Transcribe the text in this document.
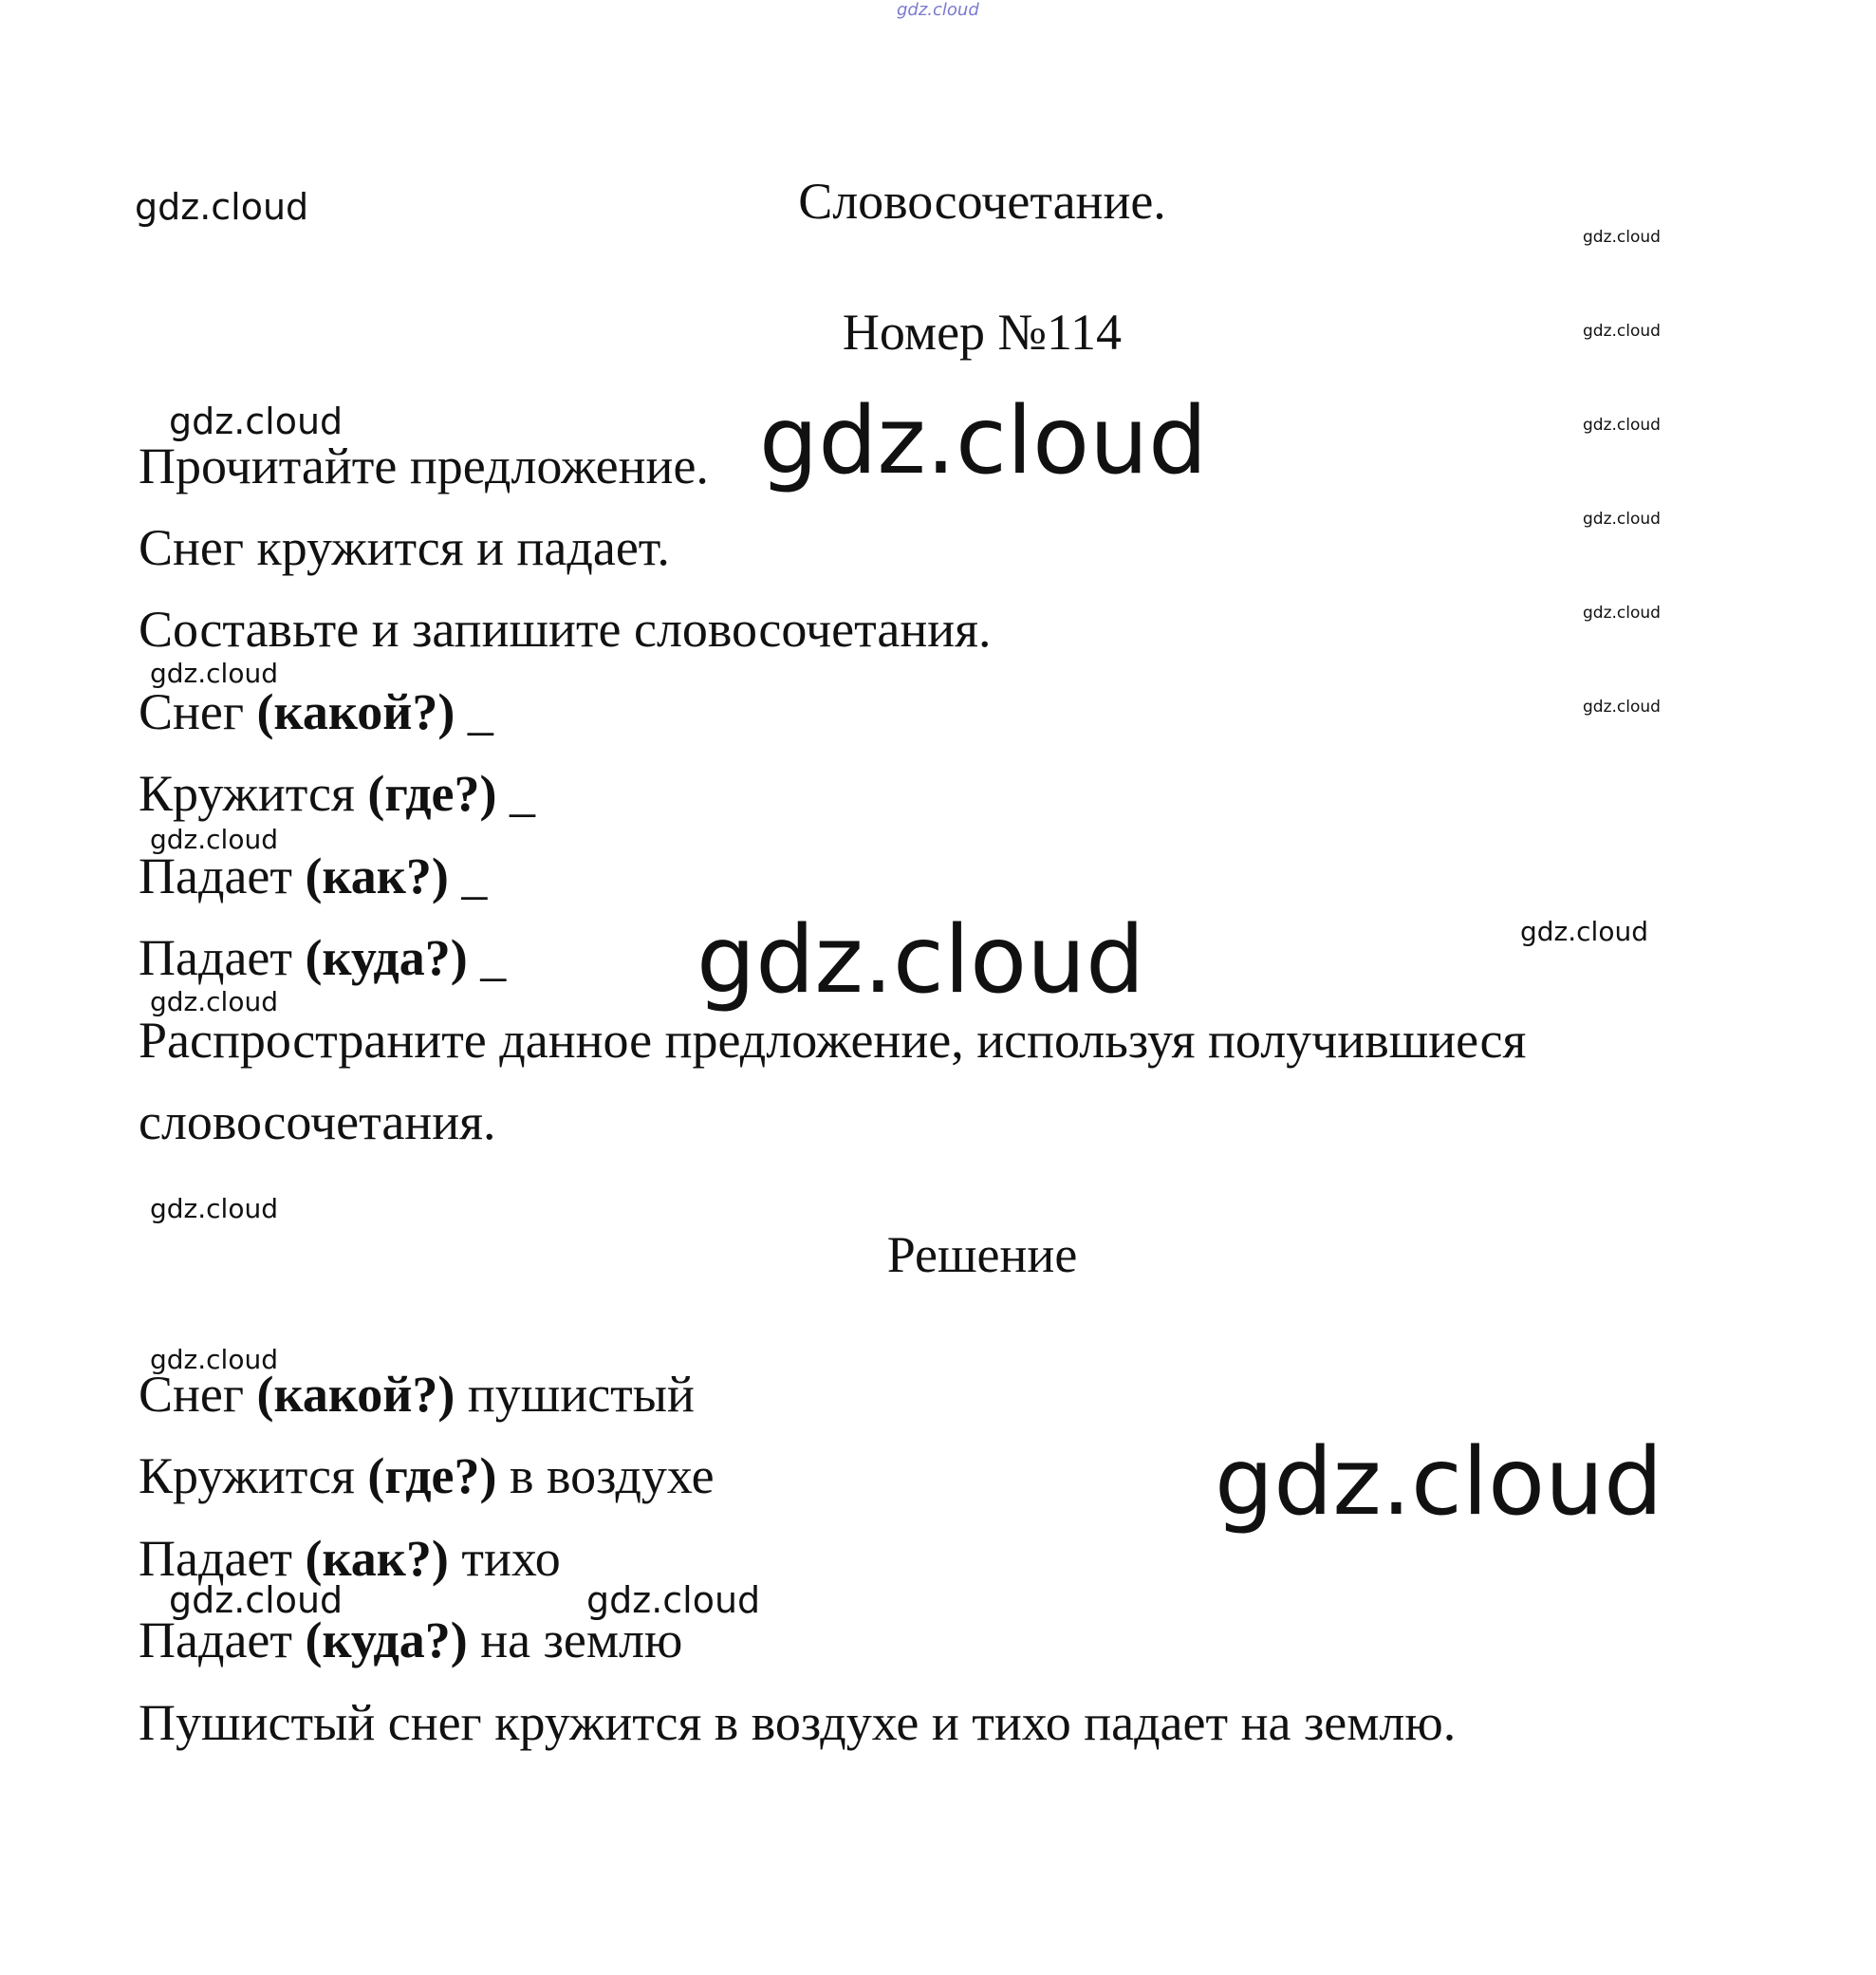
gdz.cloud
gdz.cloud
gdz.cloud
gdz.cloud
gdz.cloud
gdz.cloud
gdz.cloud
gdz.cloud
gdz.cloud	gdz.cloud
gdz.cloud
gdz.cloud
gdz.cloud
gdz.cloud
gdz.cloud
gdz.cloud
gdz.cloud
gdz.cloud
gdz.cloud	gdz.cloud
Словосочетание.
Номер №114
Прочитайте предложение.
Снег кружится и падает.
Составьте и запишите словосочетания.
Снег (какой?) _
Кружится (где?) _
Падает (как?) _
Падает (куда?) _
Распространите данное предложение, используя получившиеся
словосочетания.
Решение
Снег (какой?) пушистый
Кружится (где?) в воздухе
Падает (как?) тихо
Падает (куда?) на землю
Пушистый снег кружится в воздухе и тихо падает на землю.
